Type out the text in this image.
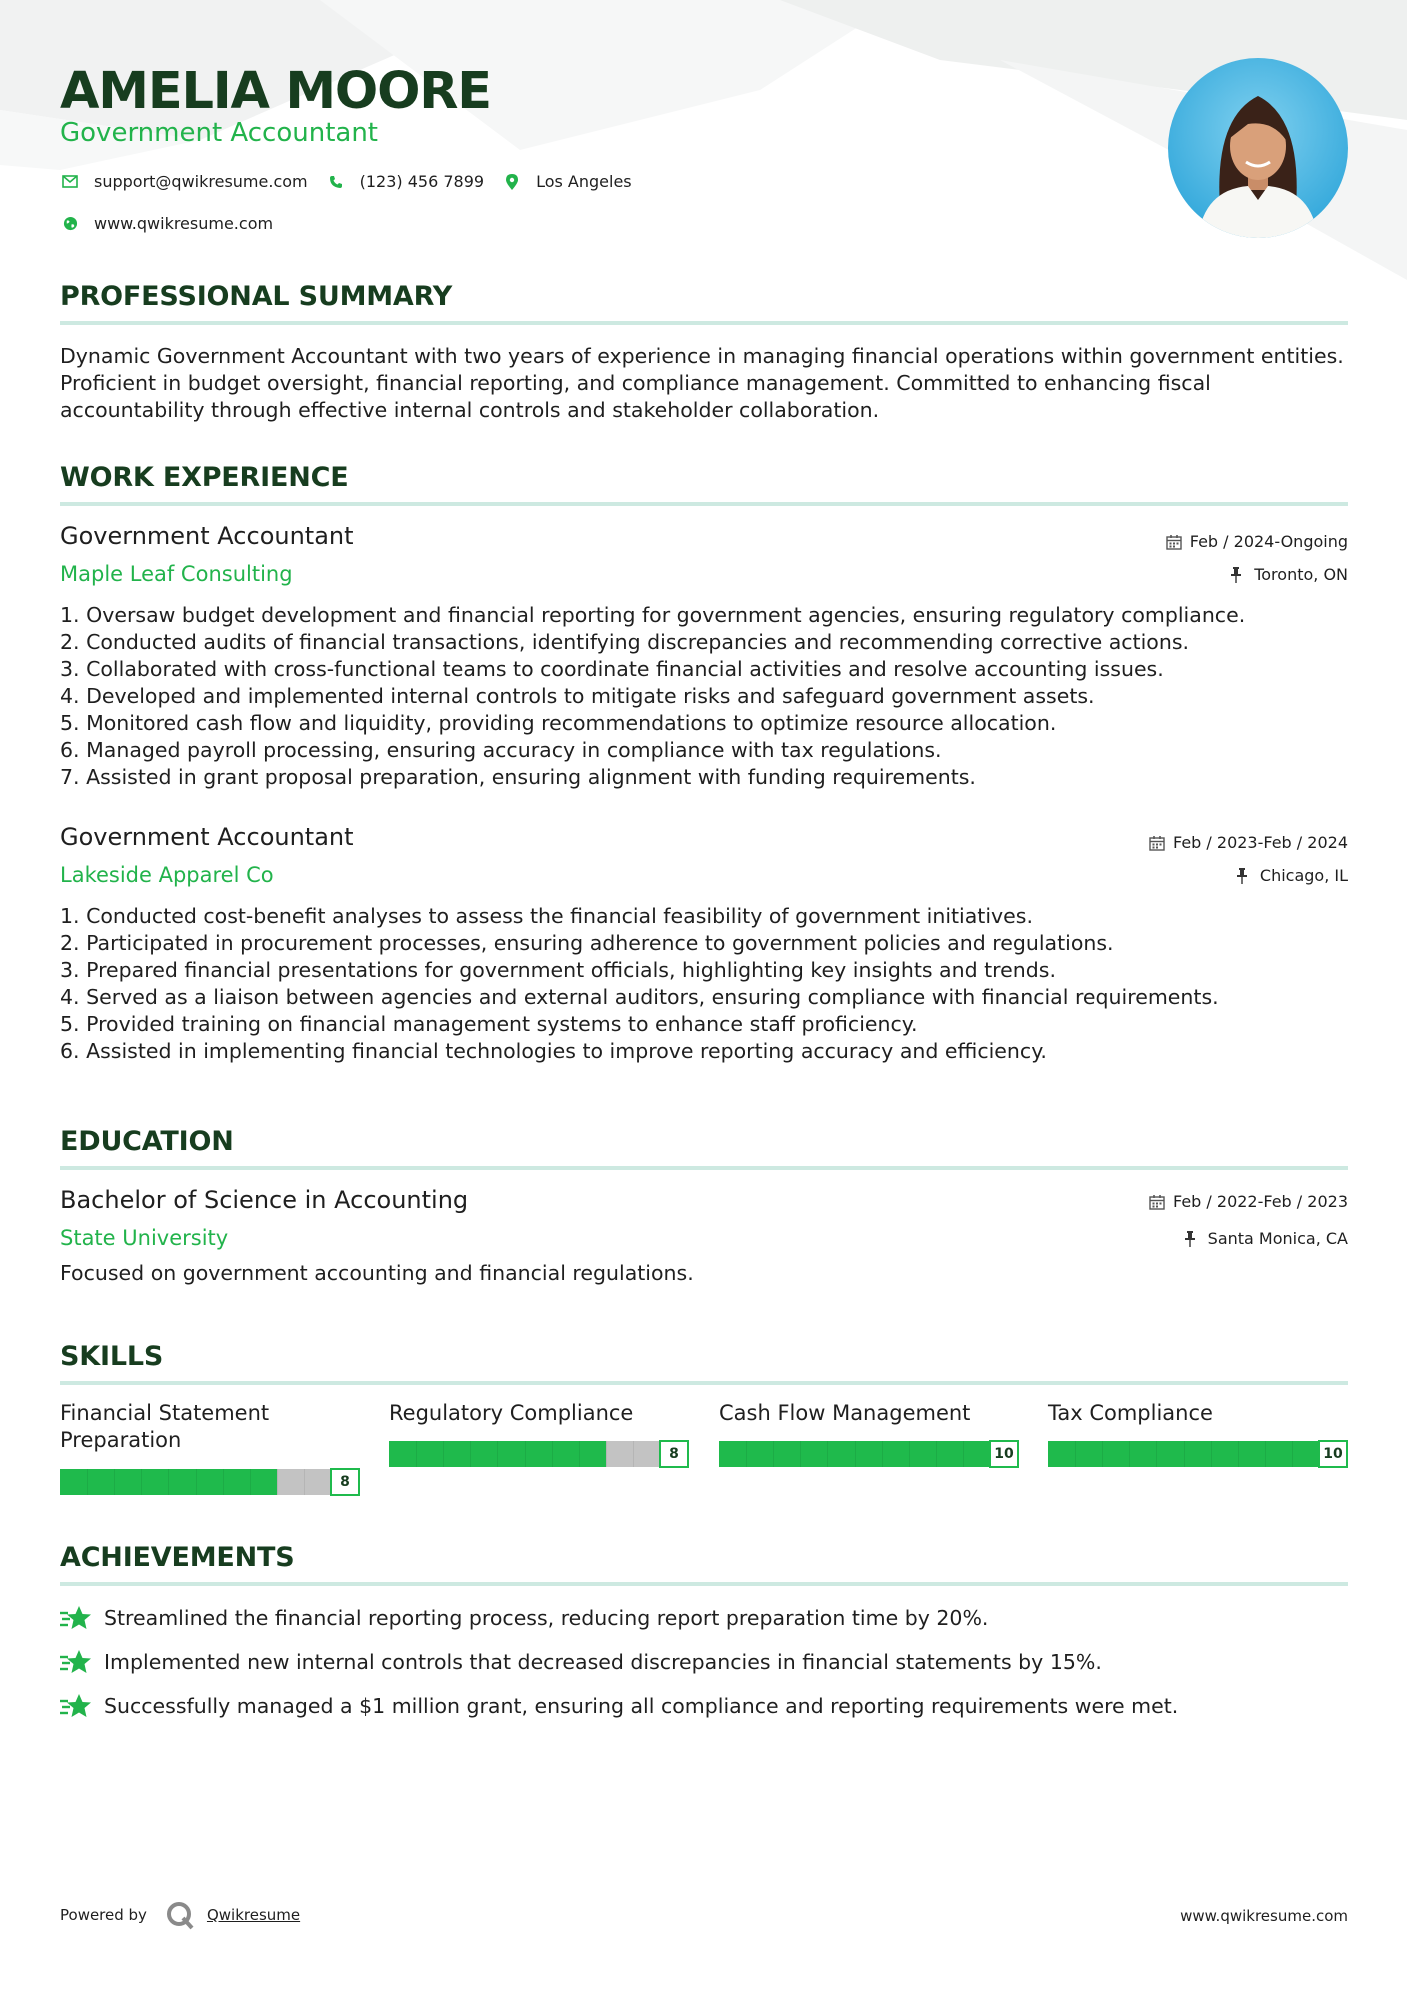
AMELIA MOORE
Government Accountant
support@qwikresume.com	(123) 456 7899	Los Angeles
www.qwikresume.com
PROFESSIONAL SUMMARY

Dynamic Government Accountant with two years of experience in managing financial operations within government entities. Proficient in budget oversight, financial reporting, and compliance management. Committed to enhancing fiscal accountability through effective internal controls and stakeholder collaboration.

WORK EXPERIENCE
Government Accountant
Maple Leaf Consulting
Feb / 2024-Ongoing
Toronto, ON
1. Oversaw budget development and financial reporting for government agencies, ensuring regulatory compliance.
2. Conducted audits of financial transactions, identifying discrepancies and recommending corrective actions.
3. Collaborated with cross-functional teams to coordinate financial activities and resolve accounting issues.
4. Developed and implemented internal controls to mitigate risks and safeguard government assets.
5. Monitored cash flow and liquidity, providing recommendations to optimize resource allocation.
6. Managed payroll processing, ensuring accuracy in compliance with tax regulations.
7. Assisted in grant proposal preparation, ensuring alignment with funding requirements.
Government Accountant
Lakeside Apparel Co
Feb / 2023-Feb / 2024
Chicago, IL
1. Conducted cost-benefit analyses to assess the financial feasibility of government initiatives.
2. Participated in procurement processes, ensuring adherence to government policies and regulations.
3. Prepared financial presentations for government officials, highlighting key insights and trends.
4. Served as a liaison between agencies and external auditors, ensuring compliance with financial requirements.
5. Provided training on financial management systems to enhance staff proficiency.
6. Assisted in implementing financial technologies to improve reporting accuracy and efficiency.
EDUCATION
Bachelor of Science in Accounting
State University
Feb / 2022-Feb / 2023
Santa Monica, CA
Focused on government accounting and financial regulations.
SKILLS
Financial Statement
Preparation
8
Regulatory Compliance
8
Cash Flow Management
10
Tax Compliance
10
ACHIEVEMENTS
Streamlined the financial reporting process, reducing report preparation time by 20%.
Implemented new internal controls that decreased discrepancies in financial statements by 15%.
Successfully managed a $1 million grant, ensuring all compliance and reporting requirements were met.
Powered by	Qwikresume	www.qwikresume.com
